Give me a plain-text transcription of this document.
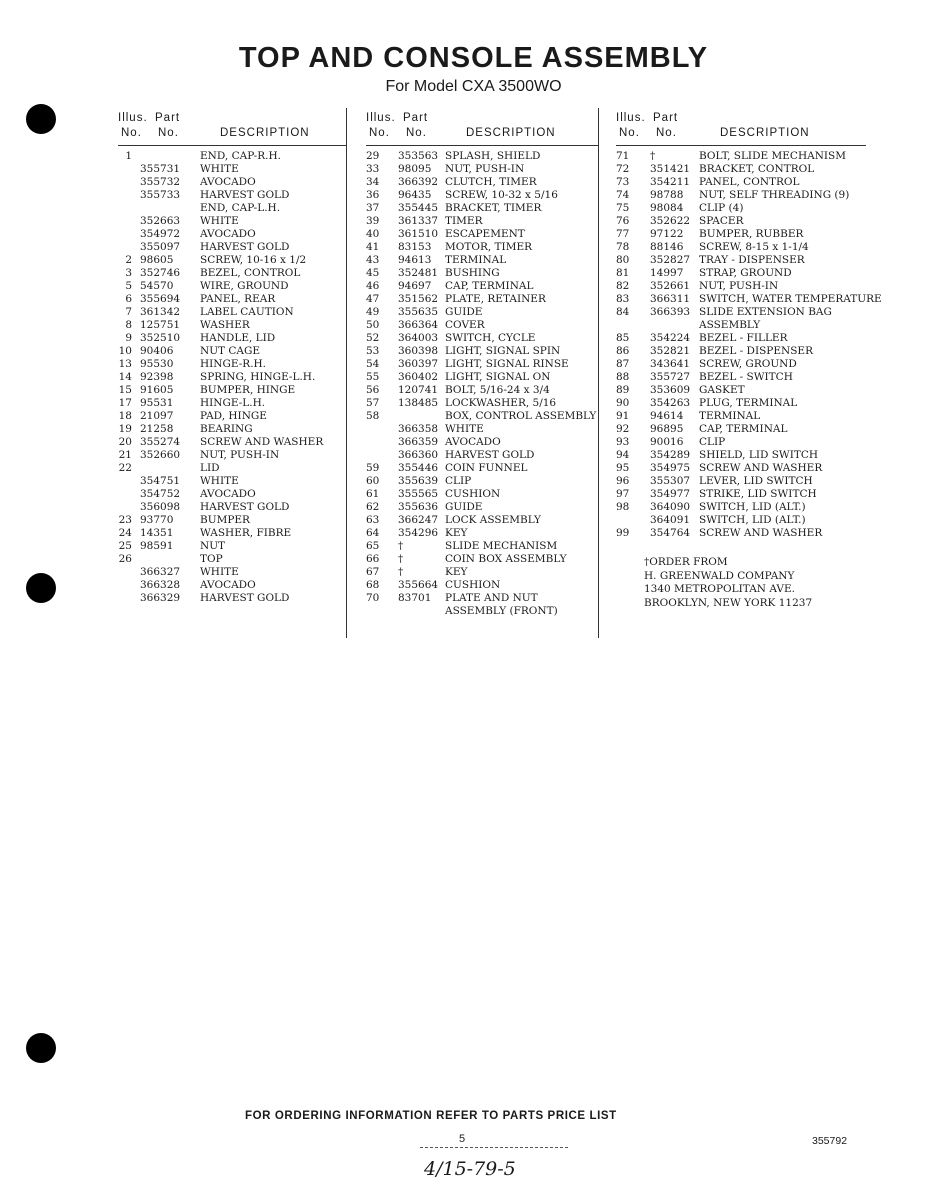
TOP AND CONSOLE ASSEMBLY
For Model CXA 3500WO
Illus. Part
No. No.	DESCRIPTION
1	END, CAP-R.H.
355731 WHITE
355732 AVOCADO
355733 HARVEST GOLD
END, CAP-L.H.
352663 WHITE
354972 AVOCADO
355097 HARVEST GOLD
2 98605	SCREW, 10-16 x 1/2
3 352746 BEZEL, CONTROL
5 54570	WIRE, GROUND
6 355694 PANEL, REAR
7 361342 LABEL CAUTION
8 125751 WASHER
9 352510 HANDLE, LID
10 90406	NUT CAGE
13 95530	HINGE-R.H.
14 92398	SPRING, HINGE-L.H.
15 91605	BUMPER, HINGE
17 95531	HINGE-L.H.
18 21097	PAD, HINGE
19 21258	BEARING
20 355274 SCREW AND WASHER
21 352660 NUT, PUSH-IN
22	LID
354751 WHITE
354752 AVOCADO
356098 HARVEST GOLD
23 93770	BUMPER
24 14351	WASHER, FIBRE
25 98591	NUT
26	TOP
366327 WHITE
366328 AVOCADO
366329 HARVEST GOLD
Illus. Part
No. No.	DESCRIPTION
29 353563 SPLASH, SHIELD
33 98095 NUT, PUSH-IN
34 366392 CLUTCH, TIMER
36 96435 SCREW, 10-32 x 5/16
37 355445 BRACKET, TIMER
39 361337 TIMER
40 361510 ESCAPEMENT
41 83153 MOTOR, TIMER
43 94613 TERMINAL
45 352481 BUSHING
46 94697 CAP, TERMINAL
47 351562 PLATE, RETAINER
49 355635 GUIDE
50 366364 COVER
52 364003 SWITCH, CYCLE
53 360398 LIGHT, SIGNAL SPIN
54 360397 LIGHT, SIGNAL RINSE
55 360402 LIGHT, SIGNAL ON
56 120741 BOLT, 5/16-24 x 3/4
57 138485 LOCKWASHER, 5/16
58	BOX, CONTROL ASSEMBLY
366358 WHITE
366359 AVOCADO
366360 HARVEST GOLD
59 355446 COIN FUNNEL
60 355639 CLIP
61 355565 CUSHION
62 355636 GUIDE
63 366247 LOCK ASSEMBLY
64 354296 KEY
65 †	SLIDE MECHANISM
66 †	COIN BOX ASSEMBLY
67 †	KEY
68 355664 CUSHION
70 83701 PLATE AND NUT
ASSEMBLY (FRONT)
Illus. Part
No. No.	DESCRIPTION
71 †	BOLT, SLIDE MECHANISM
72 351421 BRACKET, CONTROL
73 354211 PANEL, CONTROL
74 98788 NUT, SELF THREADING (9)
75 98084 CLIP (4)
76 352622 SPACER
77 97122 BUMPER, RUBBER
78 88146 SCREW, 8-15 x 1-1/4
80 352827 TRAY - DISPENSER
81 14997 STRAP, GROUND
82 352661 NUT, PUSH-IN
83 366311 SWITCH, WATER TEMPERATURE
84 366393 SLIDE EXTENSION BAG
ASSEMBLY
85 354224 BEZEL - FILLER
86 352821 BEZEL - DISPENSER
87 343641 SCREW, GROUND
88 355727 BEZEL - SWITCH
89 353609 GASKET
90 354263 PLUG, TERMINAL
91 94614 TERMINAL
92 96895 CAP, TERMINAL
93 90016 CLIP
94 354289 SHIELD, LID SWITCH
95 354975 SCREW AND WASHER
96 355307 LEVER, LID SWITCH
97 354977 STRIKE, LID SWITCH
98 364090 SWITCH, LID (ALT.)
364091 SWITCH, LID (ALT.)
99 354764 SCREW AND WASHER
†ORDER FROM
H. GREENWALD COMPANY
1340 METROPOLITAN AVE.
BROOKLYN, NEW YORK 11237
FOR ORDERING INFORMATION REFER TO PARTS PRICE LIST
5	355792
4/15-79-5
